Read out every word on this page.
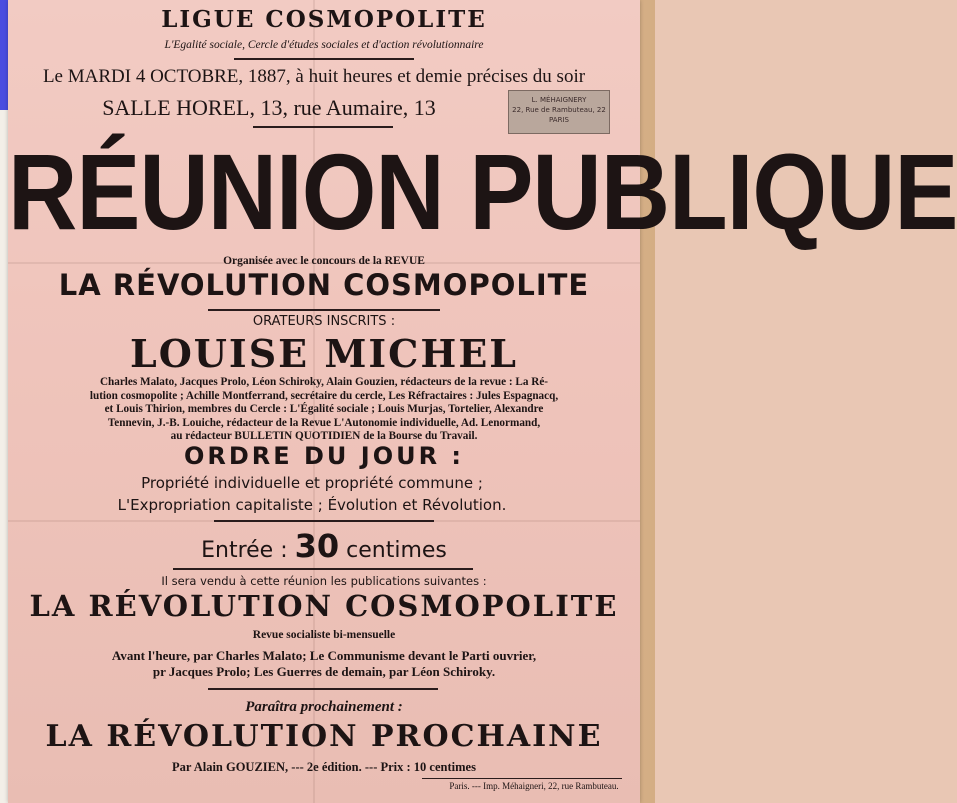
LIGUE COSMOPOLITE
L'Egalité sociale, Cercle d'études sociales et d'action révolutionnaire
Le MARDI 4 OCTOBRE, 1887, à huit heures et demie précises du soir
SALLE HOREL, 13, rue Aumaire, 13	L. MÉHAIGNERY
22, Rue de Rambuteau, 22
PARIS
RÉUNION PUBLIQUE
Organisée avec le concours de la REVUE
LA RÉVOLUTION COSMOPOLITE
ORATEURS INSCRITS :
LOUISE MICHEL
Charles Malato, Jacques Prolo, Léon Schiroky, Alain Gouzien, rédacteurs de la revue : La Ré-
lution cosmopolite ; Achille Montferrand, secrétaire du cercle, Les Réfractaires : Jules Espagnacq,
et Louis Thirion, membres du Cercle : L'Égalité sociale ; Louis Murjas, Tortelier, Alexandre
Tennevin, J.-B. Louiche, rédacteur de la Revue L'Autonomie individuelle, Ad. Lenormand,
au rédacteur BULLETIN QUOTIDIEN de la Bourse du Travail.
ORDRE DU JOUR :
Propriété individuelle et propriété commune ;
L'Expropriation capitaliste ; Évolution et Révolution.
Entrée : 30 centimes
Il sera vendu à cette réunion les publications suivantes :
LA RÉVOLUTION COSMOPOLITE
Revue socialiste bi-mensuelle
Avant l'heure, par Charles Malato; Le Communisme devant le Parti ouvrier,
pr Jacques Prolo; Les Guerres de demain, par Léon Schiroky.
Paraîtra prochainement :
LA RÉVOLUTION PROCHAINE
Par Alain GOUZIEN, --- 2e édition. --- Prix : 10 centimes
Paris. --- Imp. Méhaigneri, 22, rue Rambuteau.
